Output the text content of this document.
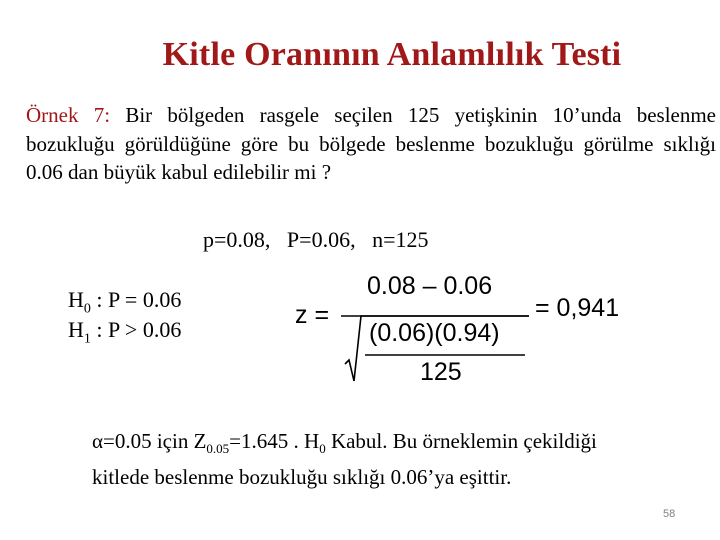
Kitle Oranının Anlamlılık Testi
Örnek 7: Bir bölgeden rasgele seçilen 125 yetişkinin 10’unda beslenme bozukluğu görüldüğüne göre bu bölgede beslenme bozukluğu görülme sıklığı 0.06 dan büyük kabul edilebilir mi ?
p=0.08, P=0.06, n=125
$H_0$ : P = 0.06
$H_1$ : P > 0.06
z =
0.08 – 0.06
(0.06)(0.94)
125
= 0,941
α=0.05 için $Z_{0.05}=1.645$ . $H_0$ Kabul. Bu örneklemin çekildiği kitlede beslenme bozukluğu sıklığı 0.06’ya eşittir.
58
